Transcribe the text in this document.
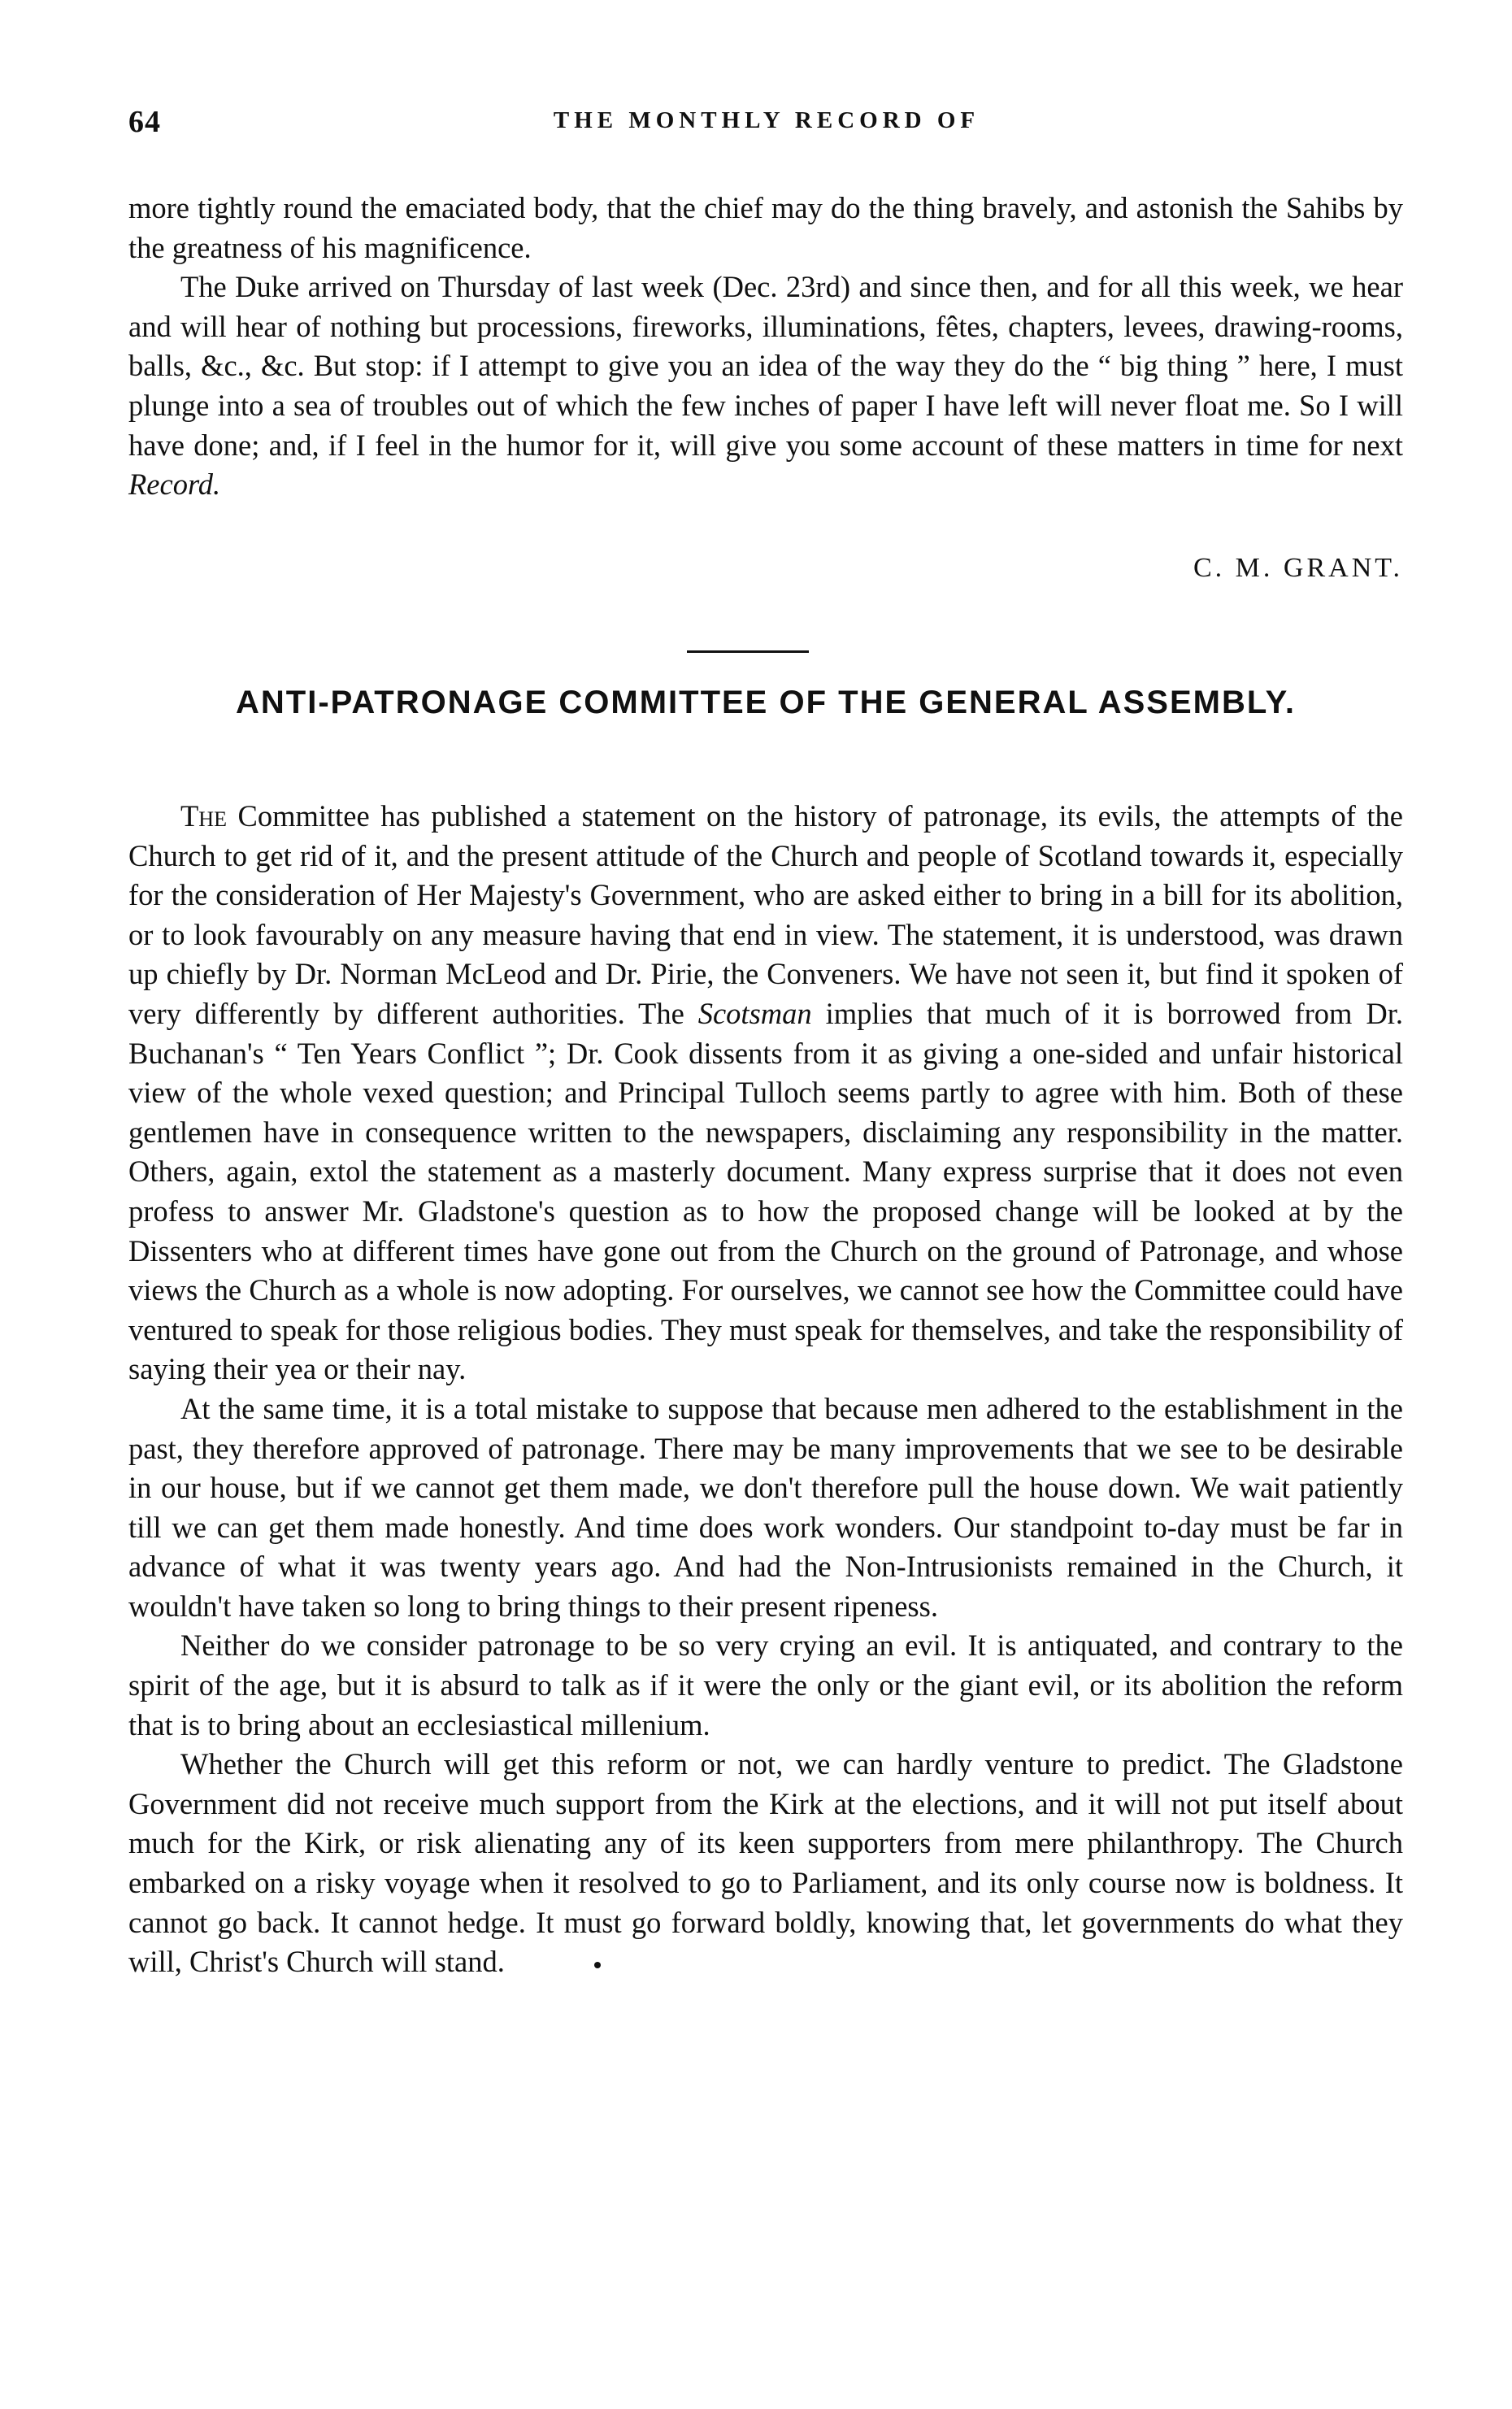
64	THE MONTHLY RECORD OF

more tightly round the emaciated body, that the chief may do the thing bravely, and astonish the Sahibs by the greatness of his magnificence.

The Duke arrived on Thursday of last week (Dec. 23rd) and since then, and for all this week, we hear and will hear of nothing but processions, fireworks, illuminations, fêtes, chapters, levees, drawing-rooms, balls, &c., &c. But stop: if I attempt to give you an idea of the way they do the “ big thing ” here, I must plunge into a sea of troubles out of which the few inches of paper I have left will never float me. So I will have done; and, if I feel in the humor for it, will give you some account of these matters in time for next Record.

C. M. GRANT.
ANTI-PATRONAGE COMMITTEE OF THE GENERAL ASSEMBLY.

The Committee has published a statement on the history of patronage, its evils, the attempts of the Church to get rid of it, and the present attitude of the Church and people of Scotland towards it, especially for the consideration of Her Majesty's Government, who are asked either to bring in a bill for its abolition, or to look favourably on any measure having that end in view. The statement, it is understood, was drawn up chiefly by Dr. Norman McLeod and Dr. Pirie, the Conveners. We have not seen it, but find it spoken of very differently by different authorities. The Scotsman implies that much of it is borrowed from Dr. Buchanan's “ Ten Years Conflict ”; Dr. Cook dissents from it as giving a one-sided and unfair historical view of the whole vexed question; and Principal Tulloch seems partly to agree with him. Both of these gentlemen have in consequence written to the newspapers, disclaiming any responsibility in the matter. Others, again, extol the statement as a masterly document. Many express surprise that it does not even profess to answer Mr. Gladstone's question as to how the proposed change will be looked at by the Dissenters who at different times have gone out from the Church on the ground of Patronage, and whose views the Church as a whole is now adopting. For ourselves, we cannot see how the Committee could have ventured to speak for those religious bodies. They must speak for themselves, and take the responsibility of saying their yea or their nay.

At the same time, it is a total mistake to suppose that because men adhered to the establishment in the past, they therefore approved of patronage. There may be many improvements that we see to be desirable in our house, but if we cannot get them made, we don't therefore pull the house down. We wait patiently till we can get them made honestly. And time does work wonders. Our standpoint to-day must be far in advance of what it was twenty years ago. And had the Non-Intrusionists remained in the Church, it wouldn't have taken so long to bring things to their present ripeness.

Neither do we consider patronage to be so very crying an evil. It is antiquated, and contrary to the spirit of the age, but it is absurd to talk as if it were the only or the giant evil, or its abolition the reform that is to bring about an ecclesiastical millenium.

Whether the Church will get this reform or not, we can hardly venture to predict. The Gladstone Government did not receive much support from the Kirk at the elections, and it will not put itself about much for the Kirk, or risk alienating any of its keen supporters from mere philanthropy. The Church embarked on a risky voyage when it resolved to go to Parliament, and its only course now is boldness. It cannot go back. It cannot hedge. It must go forward boldly, knowing that, let governments do what they will, Christ's Church will stand.
